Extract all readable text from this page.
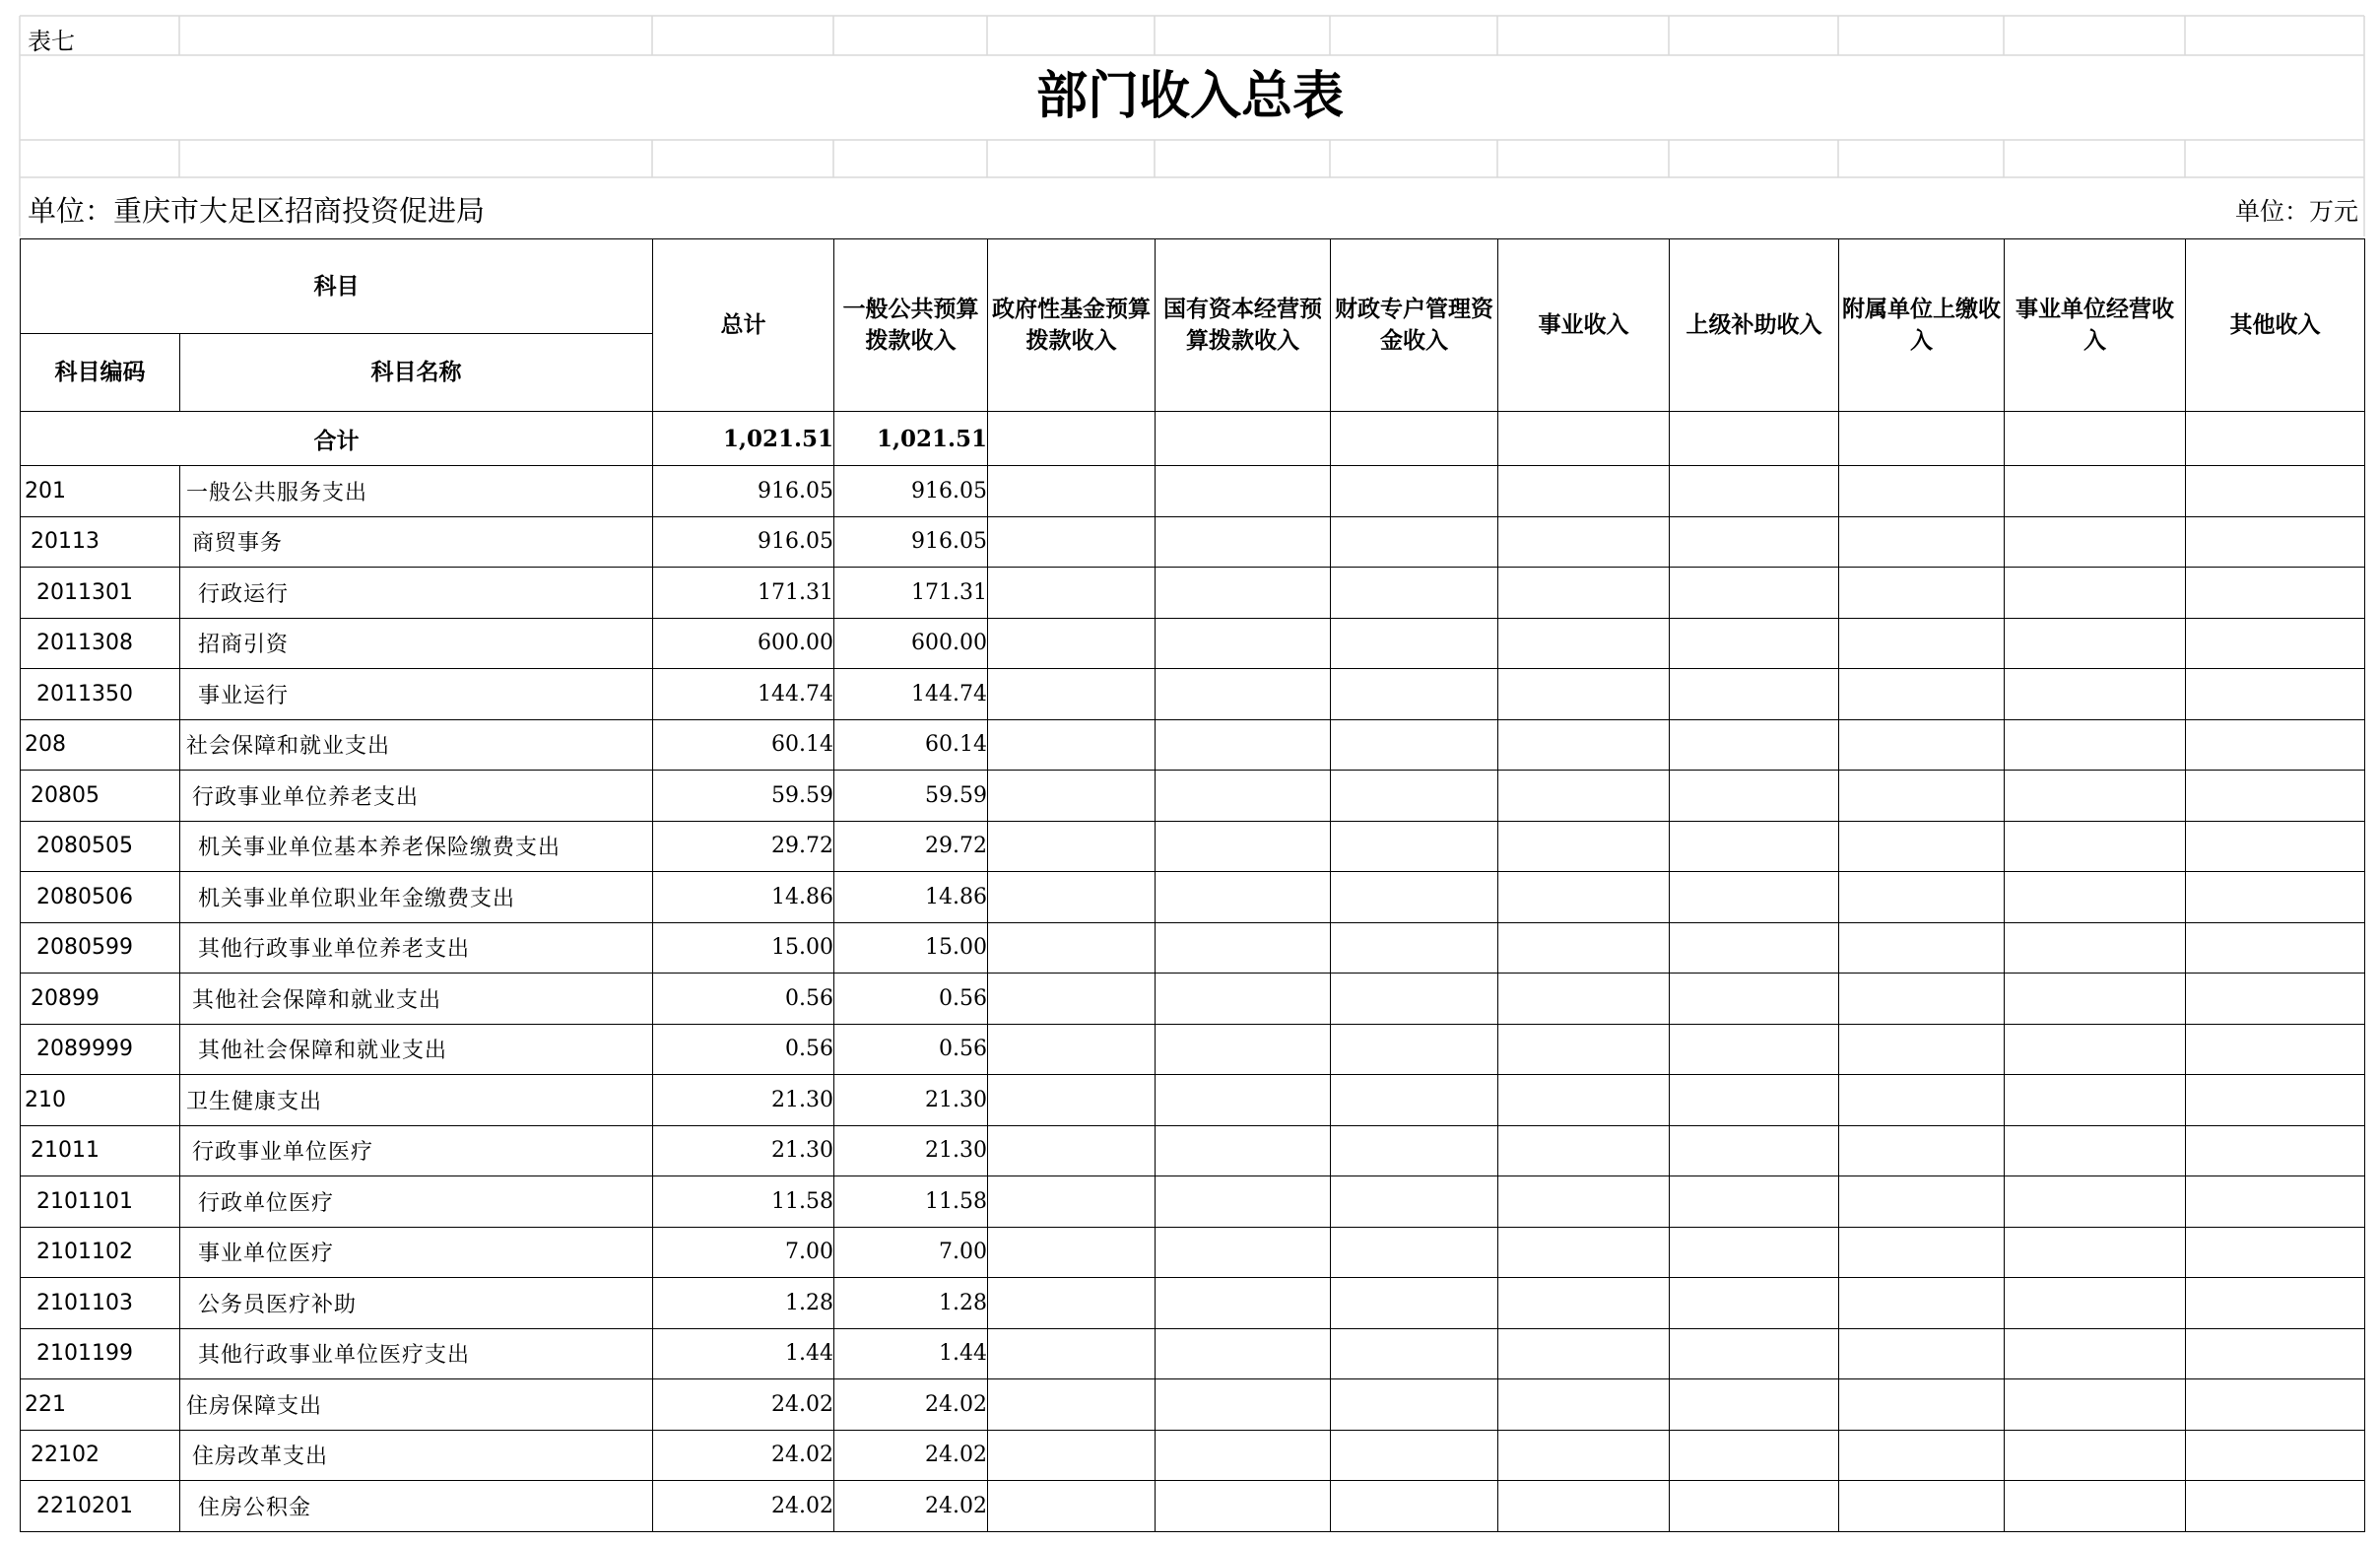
表七
部门收入总表
单位：重庆市大足区招商投资促进局	单位：万元
科目		总计	一般公共预算拨款收入	政府性基金预算拨款收入	国有资本经营预算拨款收入	财政专户管理资金收入	事业收入	上级补助收入	附属单位上缴收入	事业单位经营收入	其他收入
科目编码	科目名称										
合计		1,021.51	1,021.51								
201	一般公共服务支出	916.05	916.05								
20113	商贸事务	916.05	916.05								
2011301	行政运行	171.31	171.31								
2011308	招商引资	600.00	600.00								
2011350	事业运行	144.74	144.74								
208	社会保障和就业支出	60.14	60.14								
20805	行政事业单位养老支出	59.59	59.59								
2080505	机关事业单位基本养老保险缴费支出	29.72	29.72								
2080506	机关事业单位职业年金缴费支出	14.86	14.86								
2080599	其他行政事业单位养老支出	15.00	15.00								
20899	其他社会保障和就业支出	0.56	0.56								
2089999	其他社会保障和就业支出	0.56	0.56								
210	卫生健康支出	21.30	21.30								
21011	行政事业单位医疗	21.30	21.30								
2101101	行政单位医疗	11.58	11.58								
2101102	事业单位医疗	7.00	7.00								
2101103	公务员医疗补助	1.28	1.28								
2101199	其他行政事业单位医疗支出	1.44	1.44								
221	住房保障支出	24.02	24.02								
22102	住房改革支出	24.02	24.02								
2210201	住房公积金	24.02	24.02								
